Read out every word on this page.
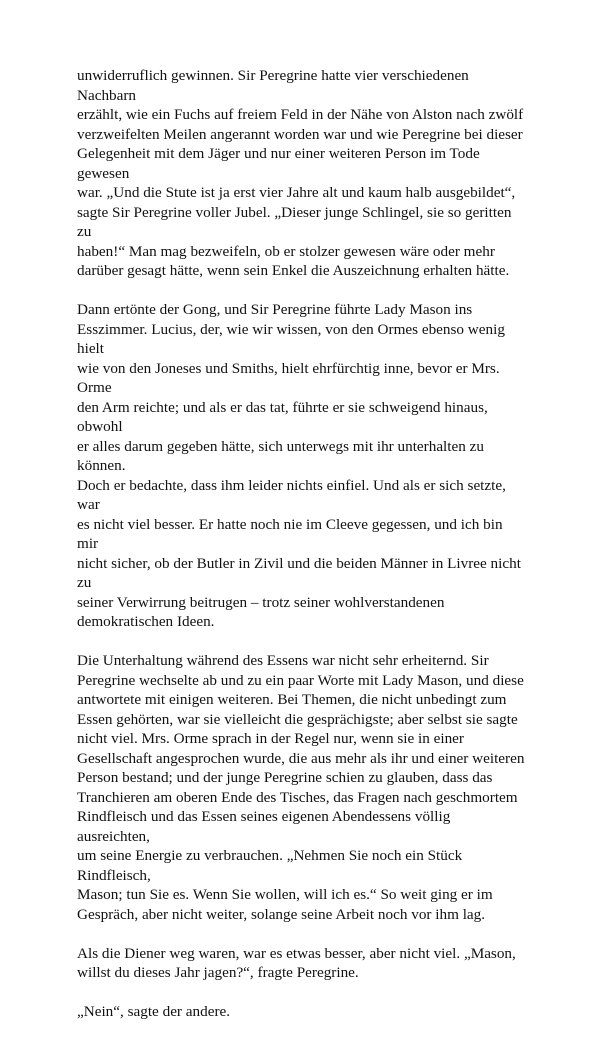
unwiderruflich gewinnen. Sir Peregrine hatte vier verschiedenen Nachbarn
erzählt, wie ein Fuchs auf freiem Feld in der Nähe von Alston nach zwölf
verzweifelten Meilen angerannt worden war und wie Peregrine bei dieser
Gelegenheit mit dem Jäger und nur einer weiteren Person im Tode gewesen
war. „Und die Stute ist ja erst vier Jahre alt und kaum halb ausgebildet“,
sagte Sir Peregrine voller Jubel. „Dieser junge Schlingel, sie so geritten zu
haben!“ Man mag bezweifeln, ob er stolzer gewesen wäre oder mehr
darüber gesagt hätte, wenn sein Enkel die Auszeichnung erhalten hätte.

Dann ertönte der Gong, und Sir Peregrine führte Lady Mason ins
Esszimmer. Lucius, der, wie wir wissen, von den Ormes ebenso wenig hielt
wie von den Joneses und Smiths, hielt ehrfürchtig inne, bevor er Mrs. Orme
den Arm reichte; und als er das tat, führte er sie schweigend hinaus, obwohl
er alles darum gegeben hätte, sich unterwegs mit ihr unterhalten zu können.
Doch er bedachte, dass ihm leider nichts einfiel. Und als er sich setzte, war
es nicht viel besser. Er hatte noch nie im Cleeve gegessen, und ich bin mir
nicht sicher, ob der Butler in Zivil und die beiden Männer in Livree nicht zu
seiner Verwirrung beitrugen – trotz seiner wohlverstandenen
demokratischen Ideen.

Die Unterhaltung während des Essens war nicht sehr erheiternd. Sir
Peregrine wechselte ab und zu ein paar Worte mit Lady Mason, und diese
antwortete mit einigen weiteren. Bei Themen, die nicht unbedingt zum
Essen gehörten, war sie vielleicht die gesprächigste; aber selbst sie sagte
nicht viel. Mrs. Orme sprach in der Regel nur, wenn sie in einer
Gesellschaft angesprochen wurde, die aus mehr als ihr und einer weiteren
Person bestand; und der junge Peregrine schien zu glauben, dass das
Tranchieren am oberen Ende des Tisches, das Fragen nach geschmortem
Rindfleisch und das Essen seines eigenen Abendessens völlig ausreichten,
um seine Energie zu verbrauchen. „Nehmen Sie noch ein Stück Rindfleisch,
Mason; tun Sie es. Wenn Sie wollen, will ich es.“ So weit ging er im
Gespräch, aber nicht weiter, solange seine Arbeit noch vor ihm lag.

Als die Diener weg waren, war es etwas besser, aber nicht viel. „Mason,
willst du dieses Jahr jagen?“, fragte Peregrine.

„Nein“, sagte der andere.
